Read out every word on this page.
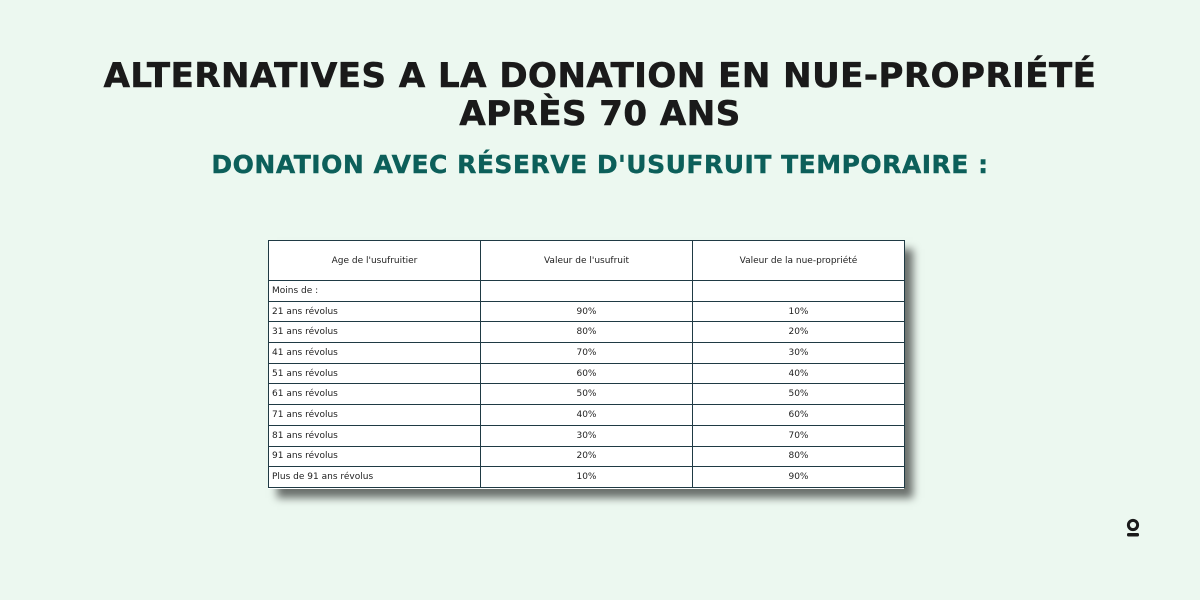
ALTERNATIVES A LA DONATION EN NUE-PROPRIÉTÉ
APRÈS 70 ANS
DONATION AVEC RÉSERVE D'USUFRUIT TEMPORAIRE :
Age de l'usufruitier	Valeur de l'usufruit	Valeur de la nue-propriété
Moins de :		
21 ans révolus	90%	10%
31 ans révolus	80%	20%
41 ans révolus	70%	30%
51 ans révolus	60%	40%
61 ans révolus	50%	50%
71 ans révolus	40%	60%
81 ans révolus	30%	70%
91 ans révolus	20%	80%
Plus de 91 ans révolus	10%	90%
